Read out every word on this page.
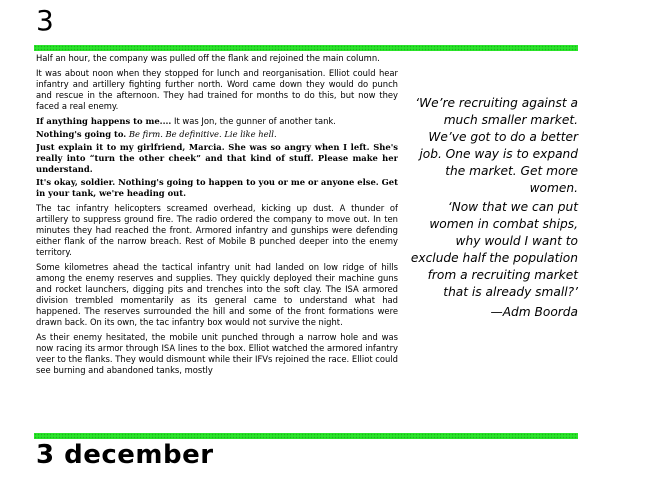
3

Half an hour, the company was pulled off the flank and rejoined the main column.

It was about noon when they stopped for lunch and reorganisation. Elliot could hear infantry and artillery fighting further north. Word came down they would do punch and rescue in the afternoon. They had trained for months to do this, but now they faced a real enemy.

If anything happens to me.... It was Jon, the gunner of another tank.

Nothing's going to. Be firm. Be definitive. Lie like hell.

Just explain it to my girlfriend, Marcia. She was so angry when I left. She's really into “turn the other cheek” and that kind of stuff. Please make her understand.

It's okay, soldier. Nothing's going to happen to you or me or anyone else. Get in your tank, we're heading out.

The tac infantry helicopters screamed overhead, kicking up dust. A thunder of artillery to suppress ground fire. The radio ordered the company to move out. In ten minutes they had reached the front. Armored infantry and gunships were defending either flank of the narrow breach. Rest of Mobile B punched deeper into the enemy territory.

Some kilometres ahead the tactical infantry unit had landed on low ridge of hills among the enemy reserves and supplies. They quickly deployed their machine guns and rocket launchers, digging pits and trenches into the soft clay. The ISA armored division trembled momentarily as its general came to understand what had happened. The reserves surrounded the hill and some of the front formations were drawn back. On its own, the tac infantry box would not survive the night.

As their enemy hesitated, the mobile unit punched through a narrow hole and was now racing its armor through ISA lines to the box. Elliot watched the armored infantry veer to the flanks. They would dismount while their IFVs rejoined the race. Elliot could see burning and abandoned tanks, mostly

‘We’re recruiting against a much smaller market. We’ve got to do a better job. One way is to expand the market. Get more women.

‘Now that we can put women in combat ships, why would I want to exclude half the population from a recruiting market that is already small?’

—Adm Boorda

3 december
